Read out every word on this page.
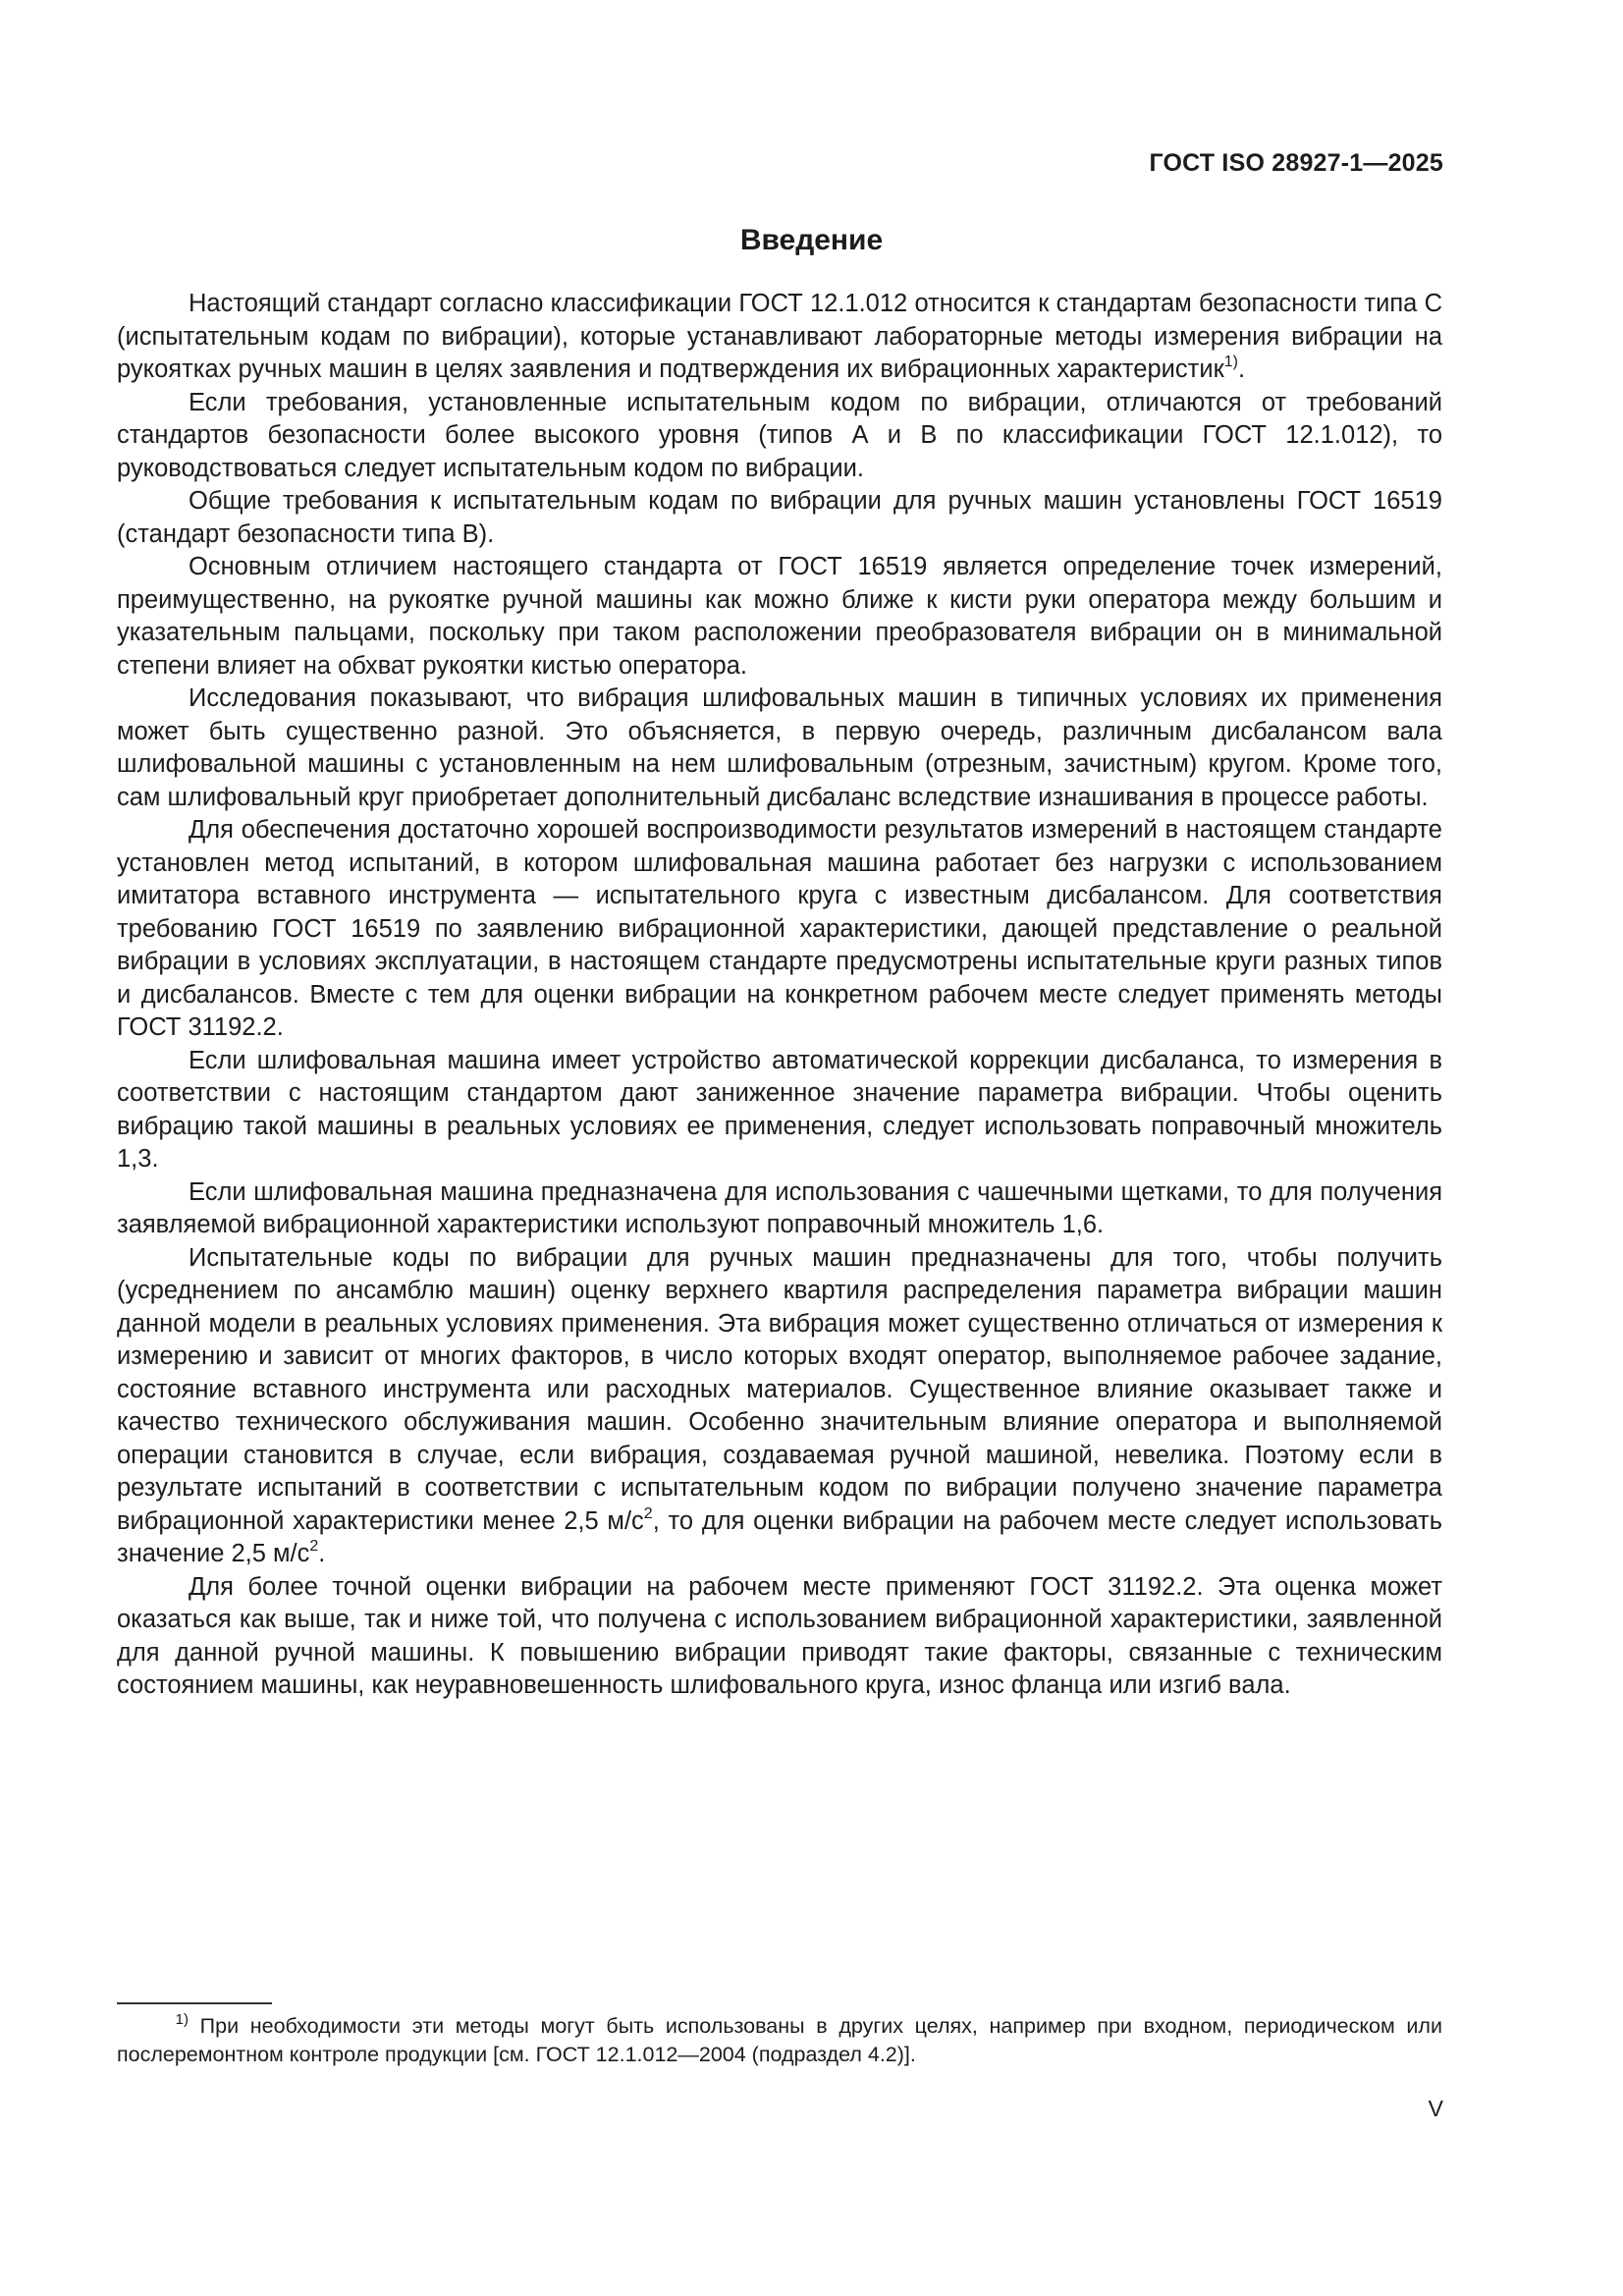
ГОСТ ISO 28927-1—2025
Введение

Настоящий стандарт согласно классификации ГОСТ 12.1.012 относится к стандартам безопасности типа С (испытательным кодам по вибрации), которые устанавливают лабораторные методы измерения вибрации на рукоятках ручных машин в целях заявления и подтверждения их вибрационных характеристик$^{1)}$.

Если требования, установленные испытательным кодом по вибрации, отличаются от требований стандартов безопасности более высокого уровня (типов А и В по классификации ГОСТ 12.1.012), то руководствоваться следует испытательным кодом по вибрации.

Общие требования к испытательным кодам по вибрации для ручных машин установлены ГОСТ 16519 (стандарт безопасности типа В).

Основным отличием настоящего стандарта от ГОСТ 16519 является определение точек измерений, преимущественно, на рукоятке ручной машины как можно ближе к кисти руки оператора между большим и указательным пальцами, поскольку при таком расположении преобразователя вибрации он в минимальной степени влияет на обхват рукоятки кистью оператора.

Исследования показывают, что вибрация шлифовальных машин в типичных условиях их применения может быть существенно разной. Это объясняется, в первую очередь, различным дисбалансом вала шлифовальной машины с установленным на нем шлифовальным (отрезным, зачистным) кругом. Кроме того, сам шлифовальный круг приобретает дополнительный дисбаланс вследствие изнашивания в процессе работы.

Для обеспечения достаточно хорошей воспроизводимости результатов измерений в настоящем стандарте установлен метод испытаний, в котором шлифовальная машина работает без нагрузки с использованием имитатора вставного инструмента — испытательного круга с известным дисбалансом. Для соответствия требованию ГОСТ 16519 по заявлению вибрационной характеристики, дающей представление о реальной вибрации в условиях эксплуатации, в настоящем стандарте предусмотрены испытательные круги разных типов и дисбалансов. Вместе с тем для оценки вибрации на конкретном рабочем месте следует применять методы ГОСТ 31192.2.

Если шлифовальная машина имеет устройство автоматической коррекции дисбаланса, то измерения в соответствии с настоящим стандартом дают заниженное значение параметра вибрации. Чтобы оценить вибрацию такой машины в реальных условиях ее применения, следует использовать поправочный множитель 1,3.

Если шлифовальная машина предназначена для использования с чашечными щетками, то для получения заявляемой вибрационной характеристики используют поправочный множитель 1,6.

Испытательные коды по вибрации для ручных машин предназначены для того, чтобы получить (усреднением по ансамблю машин) оценку верхнего квартиля распределения параметра вибрации машин данной модели в реальных условиях применения. Эта вибрация может существенно отличаться от измерения к измерению и зависит от многих факторов, в число которых входят оператор, выполняемое рабочее задание, состояние вставного инструмента или расходных материалов. Существенное влияние оказывает также и качество технического обслуживания машин. Особенно значительным влияние оператора и выполняемой операции становится в случае, если вибрация, создаваемая ручной машиной, невелика. Поэтому если в результате испытаний в соответствии с испытательным кодом по вибрации получено значение параметра вибрационной характеристики менее 2,5 $м/с^2$, то для оценки вибрации на рабочем месте следует использовать значение 2,5 $м/с^2$.

Для более точной оценки вибрации на рабочем месте применяют ГОСТ 31192.2. Эта оценка может оказаться как выше, так и ниже той, что получена с использованием вибрационной характеристики, заявленной для данной ручной машины. К повышению вибрации приводят такие факторы, связанные с техническим состоянием машины, как неуравновешенность шлифовального круга, износ фланца или изгиб вала.

$^{1)}$ При необходимости эти методы могут быть использованы в других целях, например при входном, периодическом или послеремонтном контроле продукции [см. ГОСТ 12.1.012—2004 (подраздел 4.2)].

V
